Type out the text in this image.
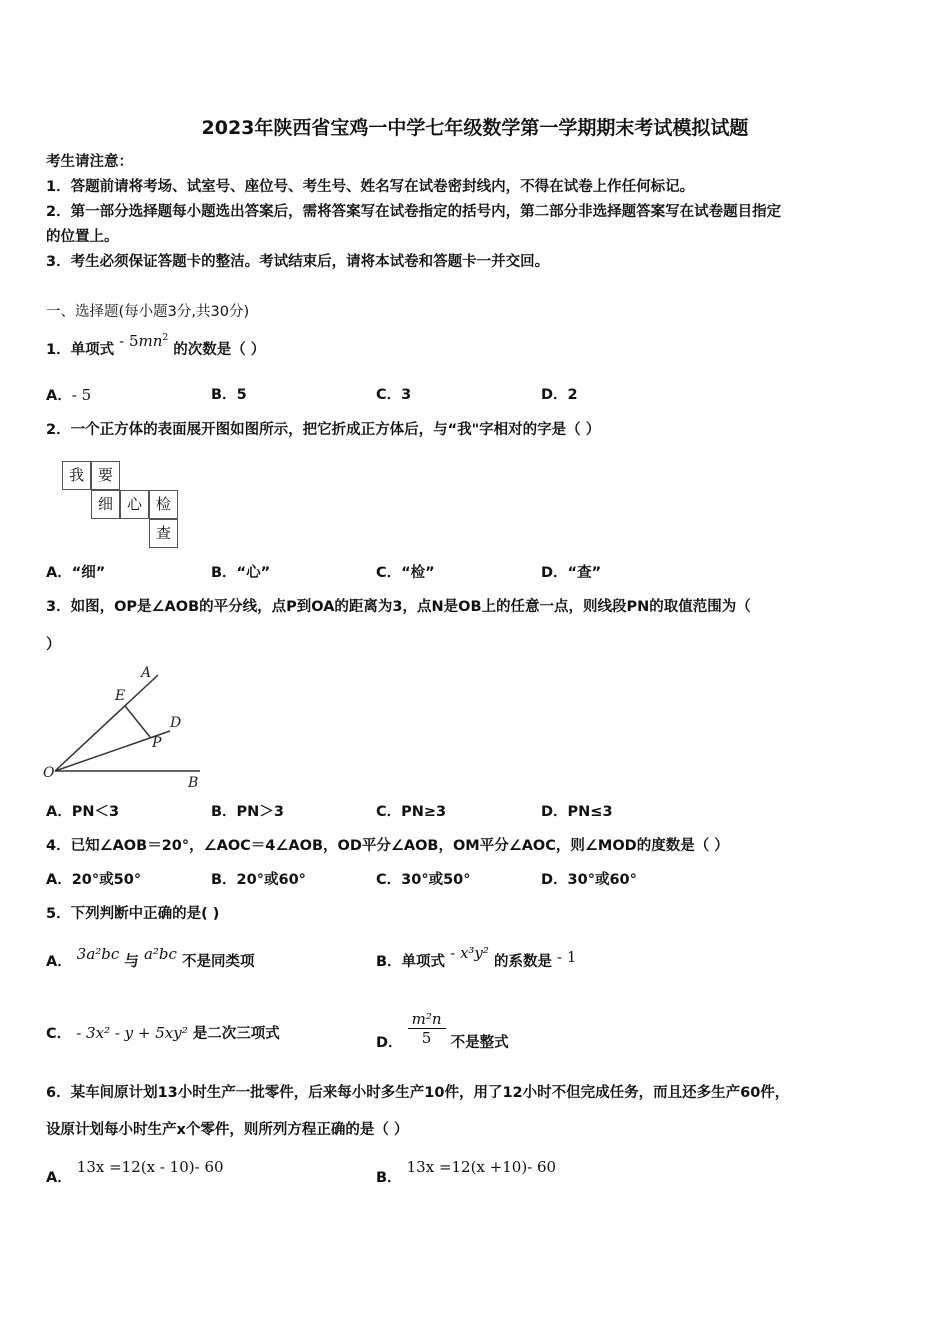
2023年陕西省宝鸡一中学七年级数学第一学期期末考试模拟试题
考生请注意：
1．答题前请将考场、试室号、座位号、考生号、姓名写在试卷密封线内，不得在试卷上作任何标记。
2．第一部分选择题每小题选出答案后，需将答案写在试卷指定的括号内，第二部分非选择题答案写在试卷题目指定
的位置上。
3．考生必须保证答题卡的整洁。考试结束后，请将本试卷和答题卡一并交回。
一、选择题(每小题3分,共30分)
1．单项式 - $5mn^2$ 的次数是（ ）
A．- 5	B．5	C．3	D．2
2．一个正方体的表面展开图如图所示，把它折成正方体后，与“我"字相对的字是（ ）
我 要
细 心 检
查
A．“细”	B．“心”	C．“检”	D．“查”
3．如图，OP是∠AOB的平分线，点P到OA的距离为3，点N是OB上的任意一点，则线段PN的取值范围为（
）
A
E
D
P
O
B
A．PN＜3	B．PN＞3	C．PN≥3	D．PN≤3
4．已知∠AOB＝20°，∠AOC＝4∠AOB，OD平分∠AOB，OM平分∠AOC，则∠MOD的度数是（ ）
A．20°或50°	B．20°或60°	C．30°或50°	D．30°或60°
5．下列判断中正确的是( )
A． 3a²bc 与 a²bc 不是同类项	B．单项式 - x³y² 的系数是 - 1
C． - 3x² - y + 5xy² 是二次三项式
D． $\frac{\text{m²n}}{5}$ 不是整式
6．某车间原计划13小时生产一批零件，后来每小时多生产10件，用了12小时不但完成任务，而且还多生产60件，
设原计划每小时生产x个零件，则所列方程正确的是（ ）
A． 13x =12(x - 10)- 60
B． 13x =12(x +10)- 60
